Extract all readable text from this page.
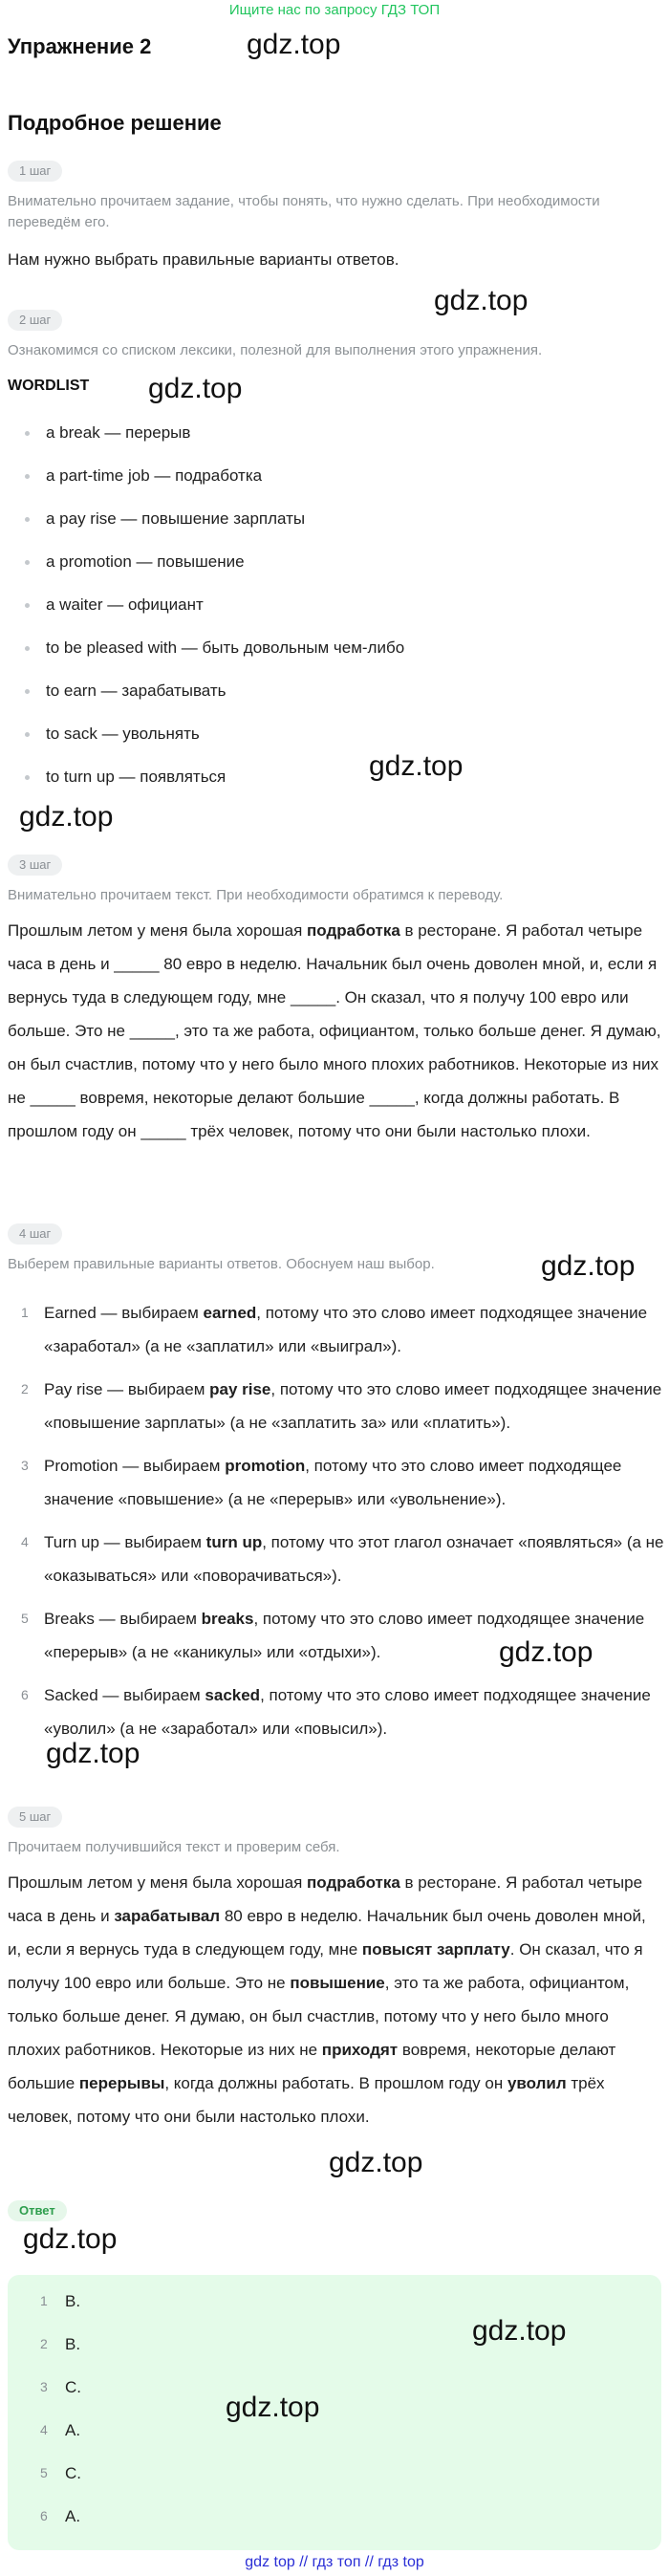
Ищите нас по запросу ГДЗ ТОП
Упражнение 2	gdz.top
Подробное решение
1 шаг

Внимательно прочитаем задание, чтобы понять, что нужно сделать. При необходимости переведём его.

Нам нужно выбрать правильные варианты ответов.

gdz.top
2 шаг

Ознакомимся со списком лексики, полезной для выполнения этого упражнения.

WORDLIST gdz.top
a break — перерыв
a part-time job — подработка
a pay rise — повышение зарплаты
a promotion — повышение
a waiter — официант
to be pleased with — быть довольным чем-либо
to earn — зарабатывать
to sack — увольнять
to turn up — появляться	gdz.top
gdz.top
3 шаг

Внимательно прочитаем текст. При необходимости обратимся к переводу.

Прошлым летом у меня была хорошая подработка в ресторане. Я работал четыре часа в день и _____ 80 евро в неделю. Начальник был очень доволен мной, и, если я вернусь туда в следующем году, мне _____. Он сказал, что я получу 100 евро или больше. Это не _____, это та же работа, официантом, только больше денег. Я думаю, он был счастлив, потому что у него было много плохих работников. Некоторые из них не _____ вовремя, некоторые делают большие _____, когда должны работать. В прошлом году он _____ трёх человек, потому что они были настолько плохи.

4 шаг

Выберем правильные варианты ответов. Обоснуем наш выбор.	gdz.top
1 Earned — выбираем earned, потому что это слово имеет подходящее значение «заработал» (а не «заплатил» или «выиграл»).
2 Pay rise — выбираем pay rise, потому что это слово имеет подходящее значение «повышение зарплаты» (а не «заплатить за» или «платить»).
3 Promotion — выбираем promotion, потому что это слово имеет подходящее значение «повышение» (а не «перерыв» или «увольнение»).
4 Turn up — выбираем turn up, потому что этот глагол означает «появляться» (а не «оказываться» или «поворачиваться»).
5 Breaks — выбираем breaks, потому что это слово имеет подходящее значение «перерыв» (а не «каникулы» или «отдыхи»).
6 Sacked — выбираем sacked, потому что это слово имеет подходящее значение «уволил» (а не «заработал» или «повысил»).
gdz.top
gdz.top
5 шаг

Прочитаем получившийся текст и проверим себя.

Прошлым летом у меня была хорошая подработка в ресторане. Я работал четыре часа в день и зарабатывал 80 евро в неделю. Начальник был очень доволен мной, и, если я вернусь туда в следующем году, мне повысят зарплату. Он сказал, что я получу 100 евро или больше. Это не повышение, это та же работа, официантом, только больше денег. Я думаю, он был счастлив, потому что у него было много плохих работников. Некоторые из них не приходят вовремя, некоторые делают большие перерывы, когда должны работать. В прошлом году он уволил трёх человек, потому что они были настолько плохи.

gdz.top
Ответ
gdz.top
1 B.
2 B.
3 C.
4 A.
5 C.
6 A.
gdz.top
gdz.top
gdz top // гдз топ // гдз top
